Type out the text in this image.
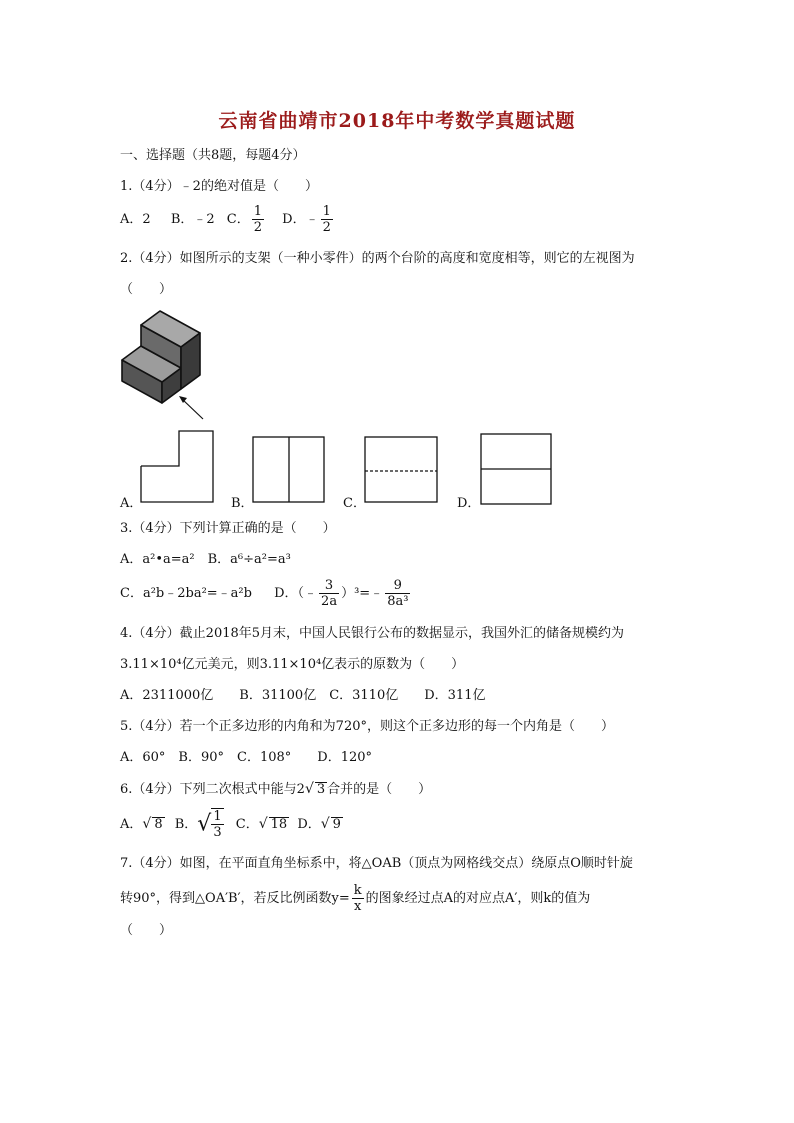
云南省曲靖市2018年中考数学真题试题
一、选择题（共8题，每题4分）
1.（4分）﹣2的绝对值是（　　）
A．2 B．﹣2 C． $\frac{1}{2}$ D．﹣ $\frac{1}{2}$
2.（4分）如图所示的支架（一种小零件）的两个台阶的高度和宽度相等，则它的左视图为
（　　）
A．	B．	C．	D．
3.（4分）下列计算正确的是（　　）
A．a²•a=a²　B．a⁶÷a²=a³
C．a²b﹣2ba²=﹣a²b D．（﹣ $\frac{3}{2a}$ ）³=﹣ $\frac{9}{\text{8a³}}$
4.（4分）截止2018年5月末，中国人民银行公布的数据显示，我国外汇的储备规模约为
3.11×10⁴亿元美元，则3.11×10⁴亿表示的原数为（　　）
A．2311000亿　　B．31100亿　C．3110亿　　D．311亿
5.（4分）若一个正多边形的内角和为720°，则这个正多边形的每一个内角是（　　）
A．60°　B．90°　C．108°　　D．120°
6.（4分）下列二次根式中能与2√ 3 合并的是（　　）
A．√ 8 B．√ $\frac{1}{3}$ C．√ 18 D．√ 9
7.（4分）如图，在平面直角坐标系中，将△OAB（顶点为网格线交点）绕原点O顺时针旋
转90°，得到△OA′B′，若反比例函数$y= \frac{k}{x}$ 的图象经过点A的对应点A′，则k的值为
（　　）
